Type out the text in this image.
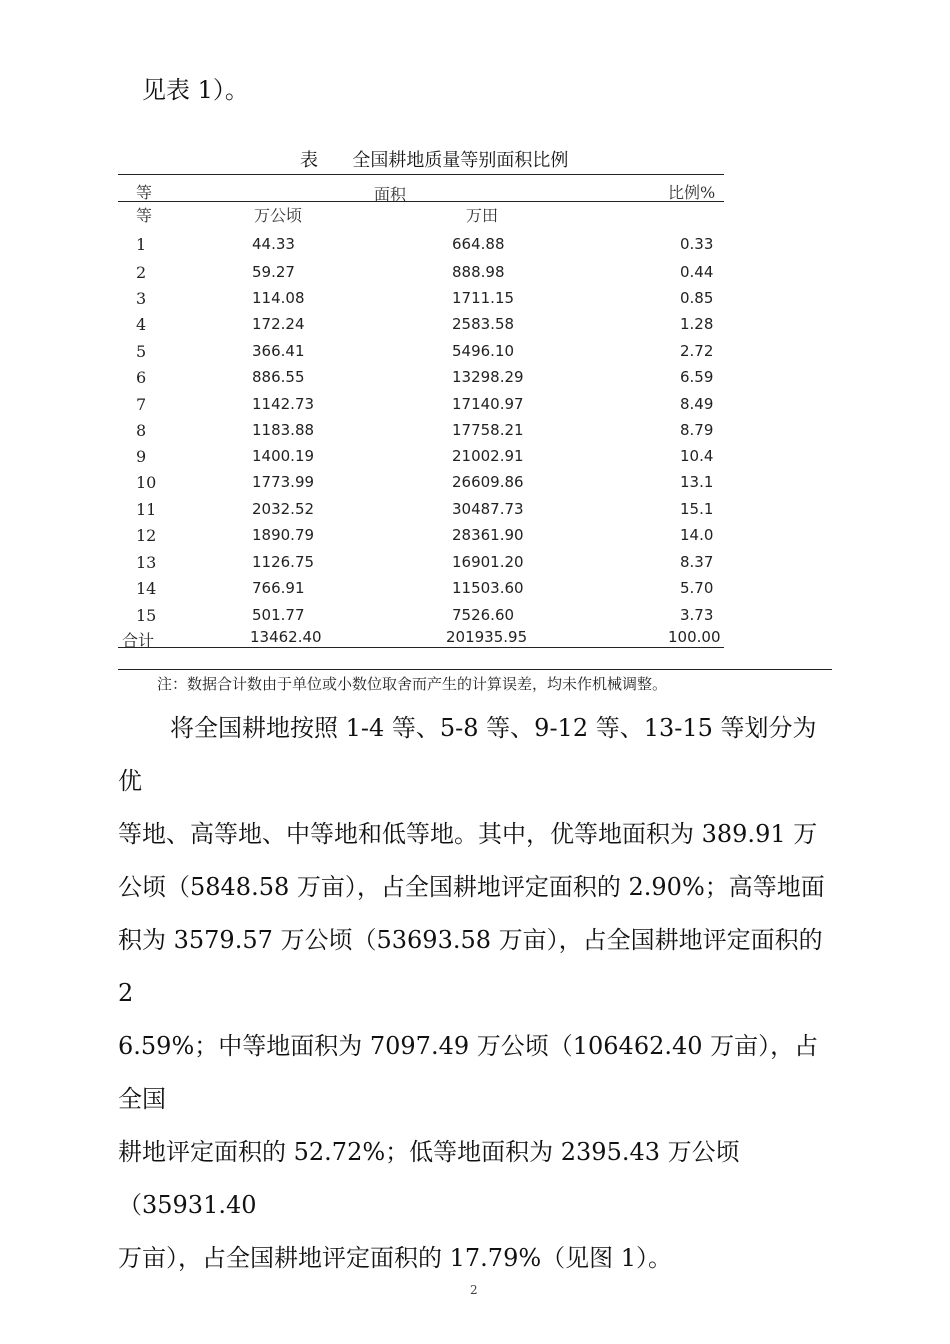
见表 1）。
表      全国耕地质量等别面积比例
等	面积	比例%
等	万公顷	万田
1	44.33	664.88	0.33
2	59.27	888.98	0.44
3	114.08	1711.15	0.85
4	172.24	2583.58	1.28
5	366.41	5496.10	2.72
6	886.55	13298.29	6.59
7	1142.73	17140.97	8.49
8	1183.88	17758.21	8.79
9	1400.19	21002.91	10.4
10	1773.99	26609.86	13.1
11	2032.52	30487.73	15.1
12	1890.79	28361.90	14.0
13	1126.75	16901.20	8.37
14	766.91	11503.60	5.70
15	501.77	7526.60	3.73
合计	13462.40	201935.95	100.00
注：数据合计数由于单位或小数位取舍而产生的计算误差，均未作机械调整。
将全国耕地按照 1-4 等、5-8 等、9-12 等、13-15 等划分为优
等地、高等地、中等地和低等地。其中，优等地面积为 389.91 万
公顷（5848.58 万亩），占全国耕地评定面积的 2.90%；高等地面
积为 3579.57 万公顷（53693.58 万亩），占全国耕地评定面积的 2
6.59%；中等地面积为 7097.49 万公顷（106462.40 万亩），占全国
耕地评定面积的 52.72%；低等地面积为 2395.43 万公顷（35931.40
万亩），占全国耕地评定面积的 17.79%（见图 1）。
2
